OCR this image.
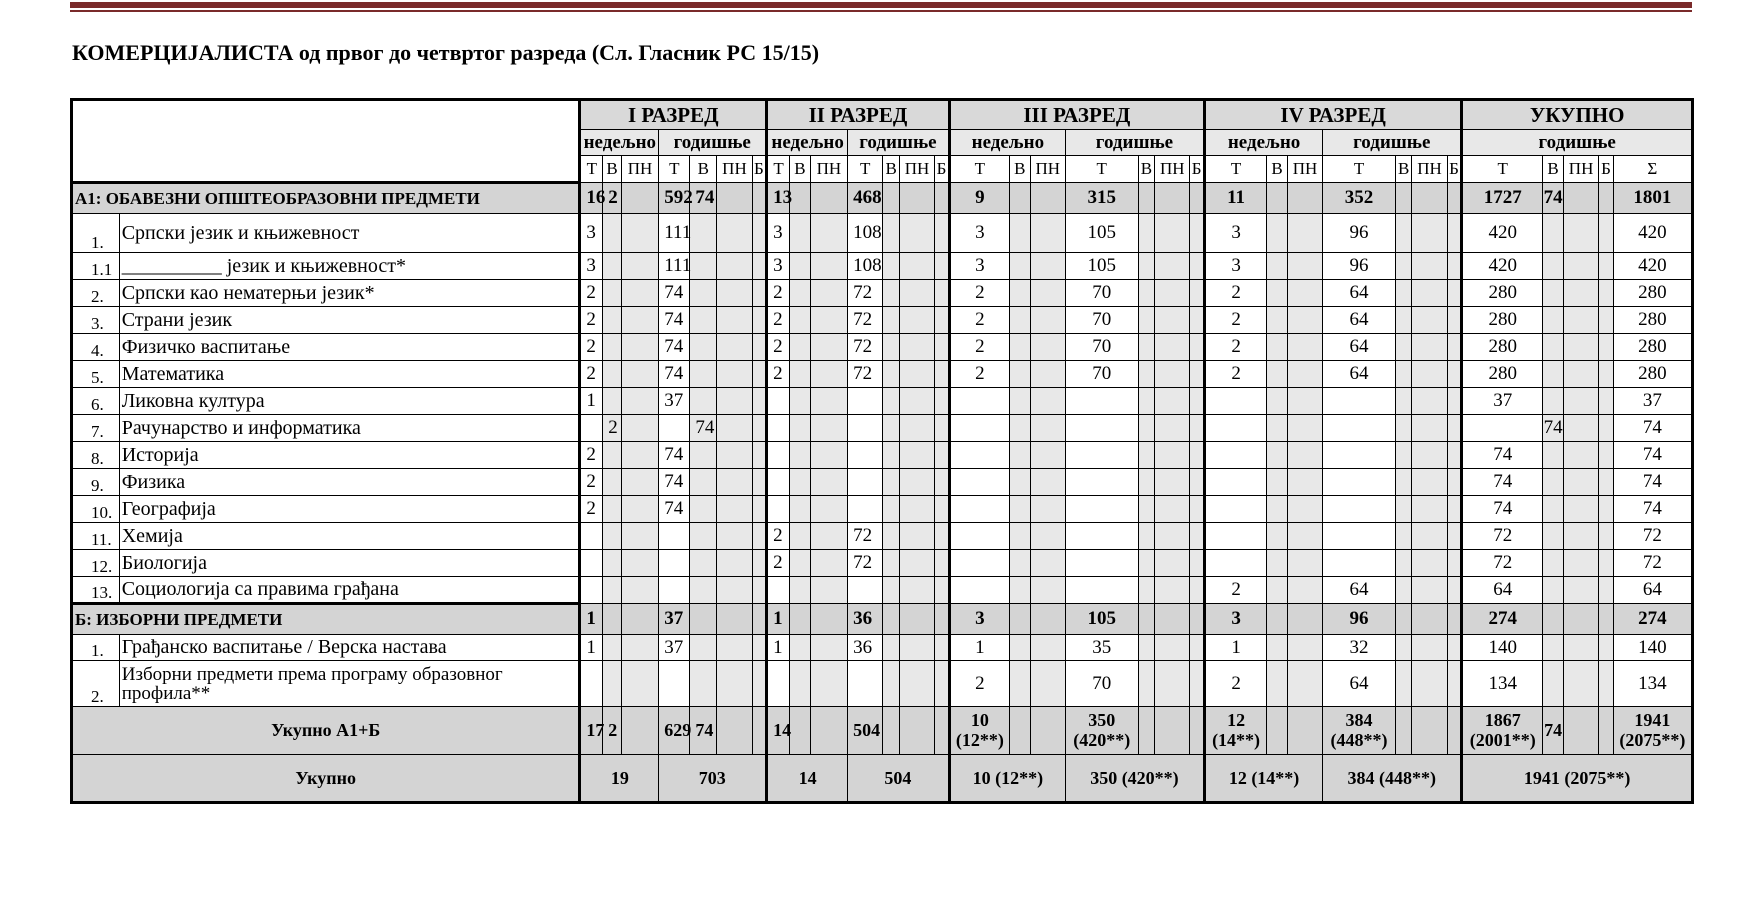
КОМЕРЦИЈАЛИСТА од првог до четвртог разреда (Сл. Гласник РС 15/15)
		I РАЗРЕД							II РАЗРЕД							III РАЗРЕД							IV РАЗРЕД							УКУПНО				
		недељно			годишње				недељно			годишње				недељно			годишње				недељно			годишње				годишње				
		Т	В	ПН	Т	В	ПН	Б	Т	В	ПН	Т	В	ПН	Б	Т	В	ПН	Т	В	ПН	Б	Т	В	ПН	Т	В	ПН	Б	Т	В	ПН	Б	Σ
А1: ОБАВЕЗНИ ОПШТЕОБРАЗОВНИ ПРЕДМЕТИ		16	2		592	74			13			468				9			315				11			352				1727	74			1801
1.	Српски језик и књижевност	3			111				3			108				3			105				3			96				420				420
1.1	__________ језик и књижевност*	3			111				3			108				3			105				3			96				420				420
2.	Српски као нематерњи језик*	2			74				2			72				2			70				2			64				280				280
3.	Страни језик	2			74				2			72				2			70				2			64				280				280
4.	Физичко васпитање	2			74				2			72				2			70				2			64				280				280
5.	Математика	2			74				2			72				2			70				2			64				280				280
6.	Ликовна култура	1			37																									37				37
7.	Рачунарство и информатика		2			74																									74			74
8.	Историја	2			74																									74				74
9.	Физика	2			74																									74				74
10.	Географија	2			74																									74				74
11.	Хемија								2			72																		72				72
12.	Биологија								2			72																		72				72
13.	Социологија са правима грађана																						2			64				64				64
Б: ИЗБОРНИ ПРЕДМЕТИ		1			37				1			36				3			105				3			96				274				274
1.	Грађанско васпитање / Верска настава	1			37				1			36				1			35				1			32				140				140
2.	Изборни предмети према програму образовног профила**															2			70				2			64				134				134
Укупно А1+Б		17	2		629	74			14			504				10 (12**)			350 (420**)				12 (14**)			384 (448**)				1867 (2001**)	74			1941 (2075**)
Укупно		19			703				14			504				10 (12**)			350 (420**)				12 (14**)			384 (448**)				1941 (2075**)				
